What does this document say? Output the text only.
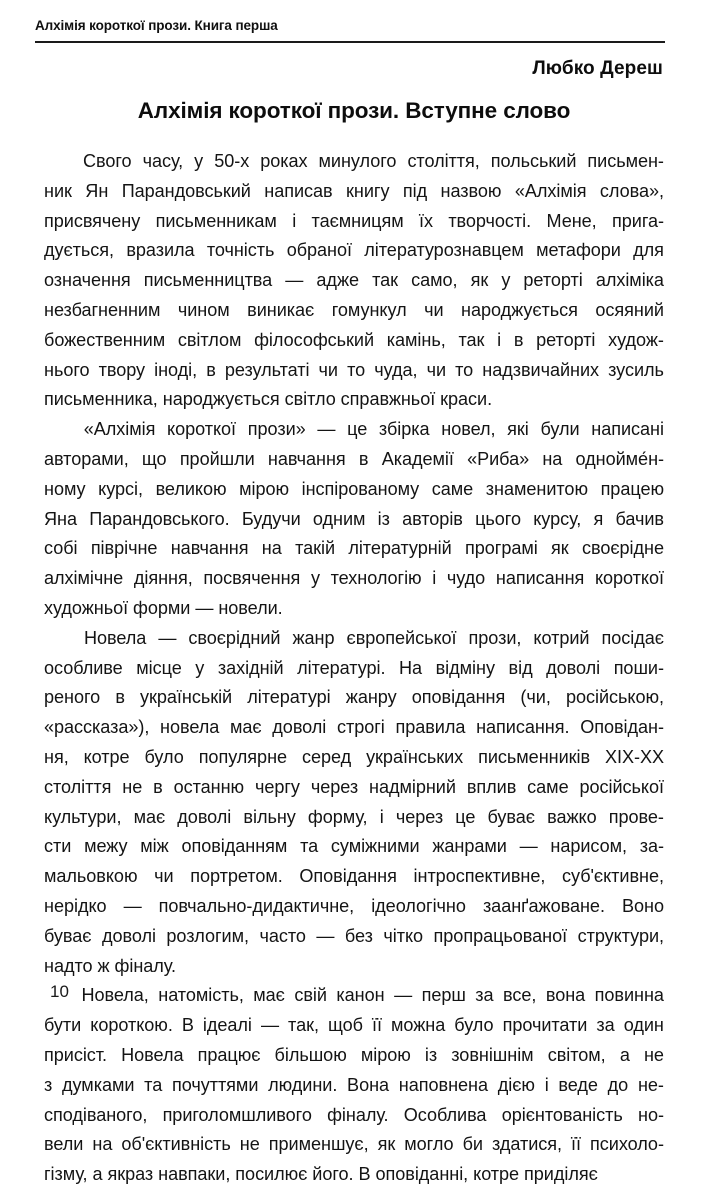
Алхімія короткої прози. Книга перша
Любко Дереш
Алхімія короткої прози. Вступне слово

Свого часу, у 50-х роках минулого століття, польський письмен-
ник Ян Парандовський написав книгу під назвою «Алхімія слова»,
присвячену письменникам і таємницям їх творчості. Мене, прига-
дується, вразила точність обраної літературознавцем метафори для
означення письменництва — адже так само, як у реторті алхіміка
незбагненним чином виникає гомункул чи народжується осяяний
божественним світлом філософський камінь, так і в реторті худож-
нього твору іноді, в результаті чи то чуда, чи то надзвичайних зусиль
письменника, народжується світло справжньої краси.

«Алхімія короткої прози» — це збірка новел, які були написані
авторами, що пройшли навчання в Академії «Риба» на однойме́н-
ному курсі, великою мірою інспірованому саме знаменитою працею
Яна Парандовського. Будучи одним із авторів цього курсу, я бачив
собі піврічне навчання на такій літературній програмі як своєрідне
алхімічне діяння, посвячення у технологію і чудо написання короткої
художньої форми — новели.

Новела — своєрідний жанр європейської прози, котрий посідає
особливе місце у західній літературі. На відміну від доволі поши-
реного в українській літературі жанру оповідання (чи, російською,
«рассказа»), новела має доволі строгі правила написання. Оповідан-
ня, котре було популярне серед українських письменників XIX-XX
століття не в останню чергу через надмірний вплив саме російської
культури, має доволі вільну форму, і через це буває важко прове-
сти межу між оповіданням та суміжними жанрами — нарисом, за-
мальовкою чи портретом. Оповідання інтроспективне, суб'єктивне,
нерідко — повчально-дидактичне, ідеологічно заанґажоване. Воно
буває доволі розлогим, часто — без чітко пропрацьованої структури,
надто ж фіналу.

Новела, натомість, має свій канон — перш за все, вона повинна
бути короткою. В ідеалі — так, щоб її можна було прочитати за один
присіст. Новела працює більшою мірою із зовнішнім світом, а не
з думками та почуттями людини. Вона наповнена дією і веде до не-
сподіваного, приголомшливого фіналу. Особлива орієнтованість но-
вели на об'єктивність не применшує, як могло би здатися, її психоло-
гізму, а якраз навпаки, посилює його. В оповіданні, котре приділяє

10
